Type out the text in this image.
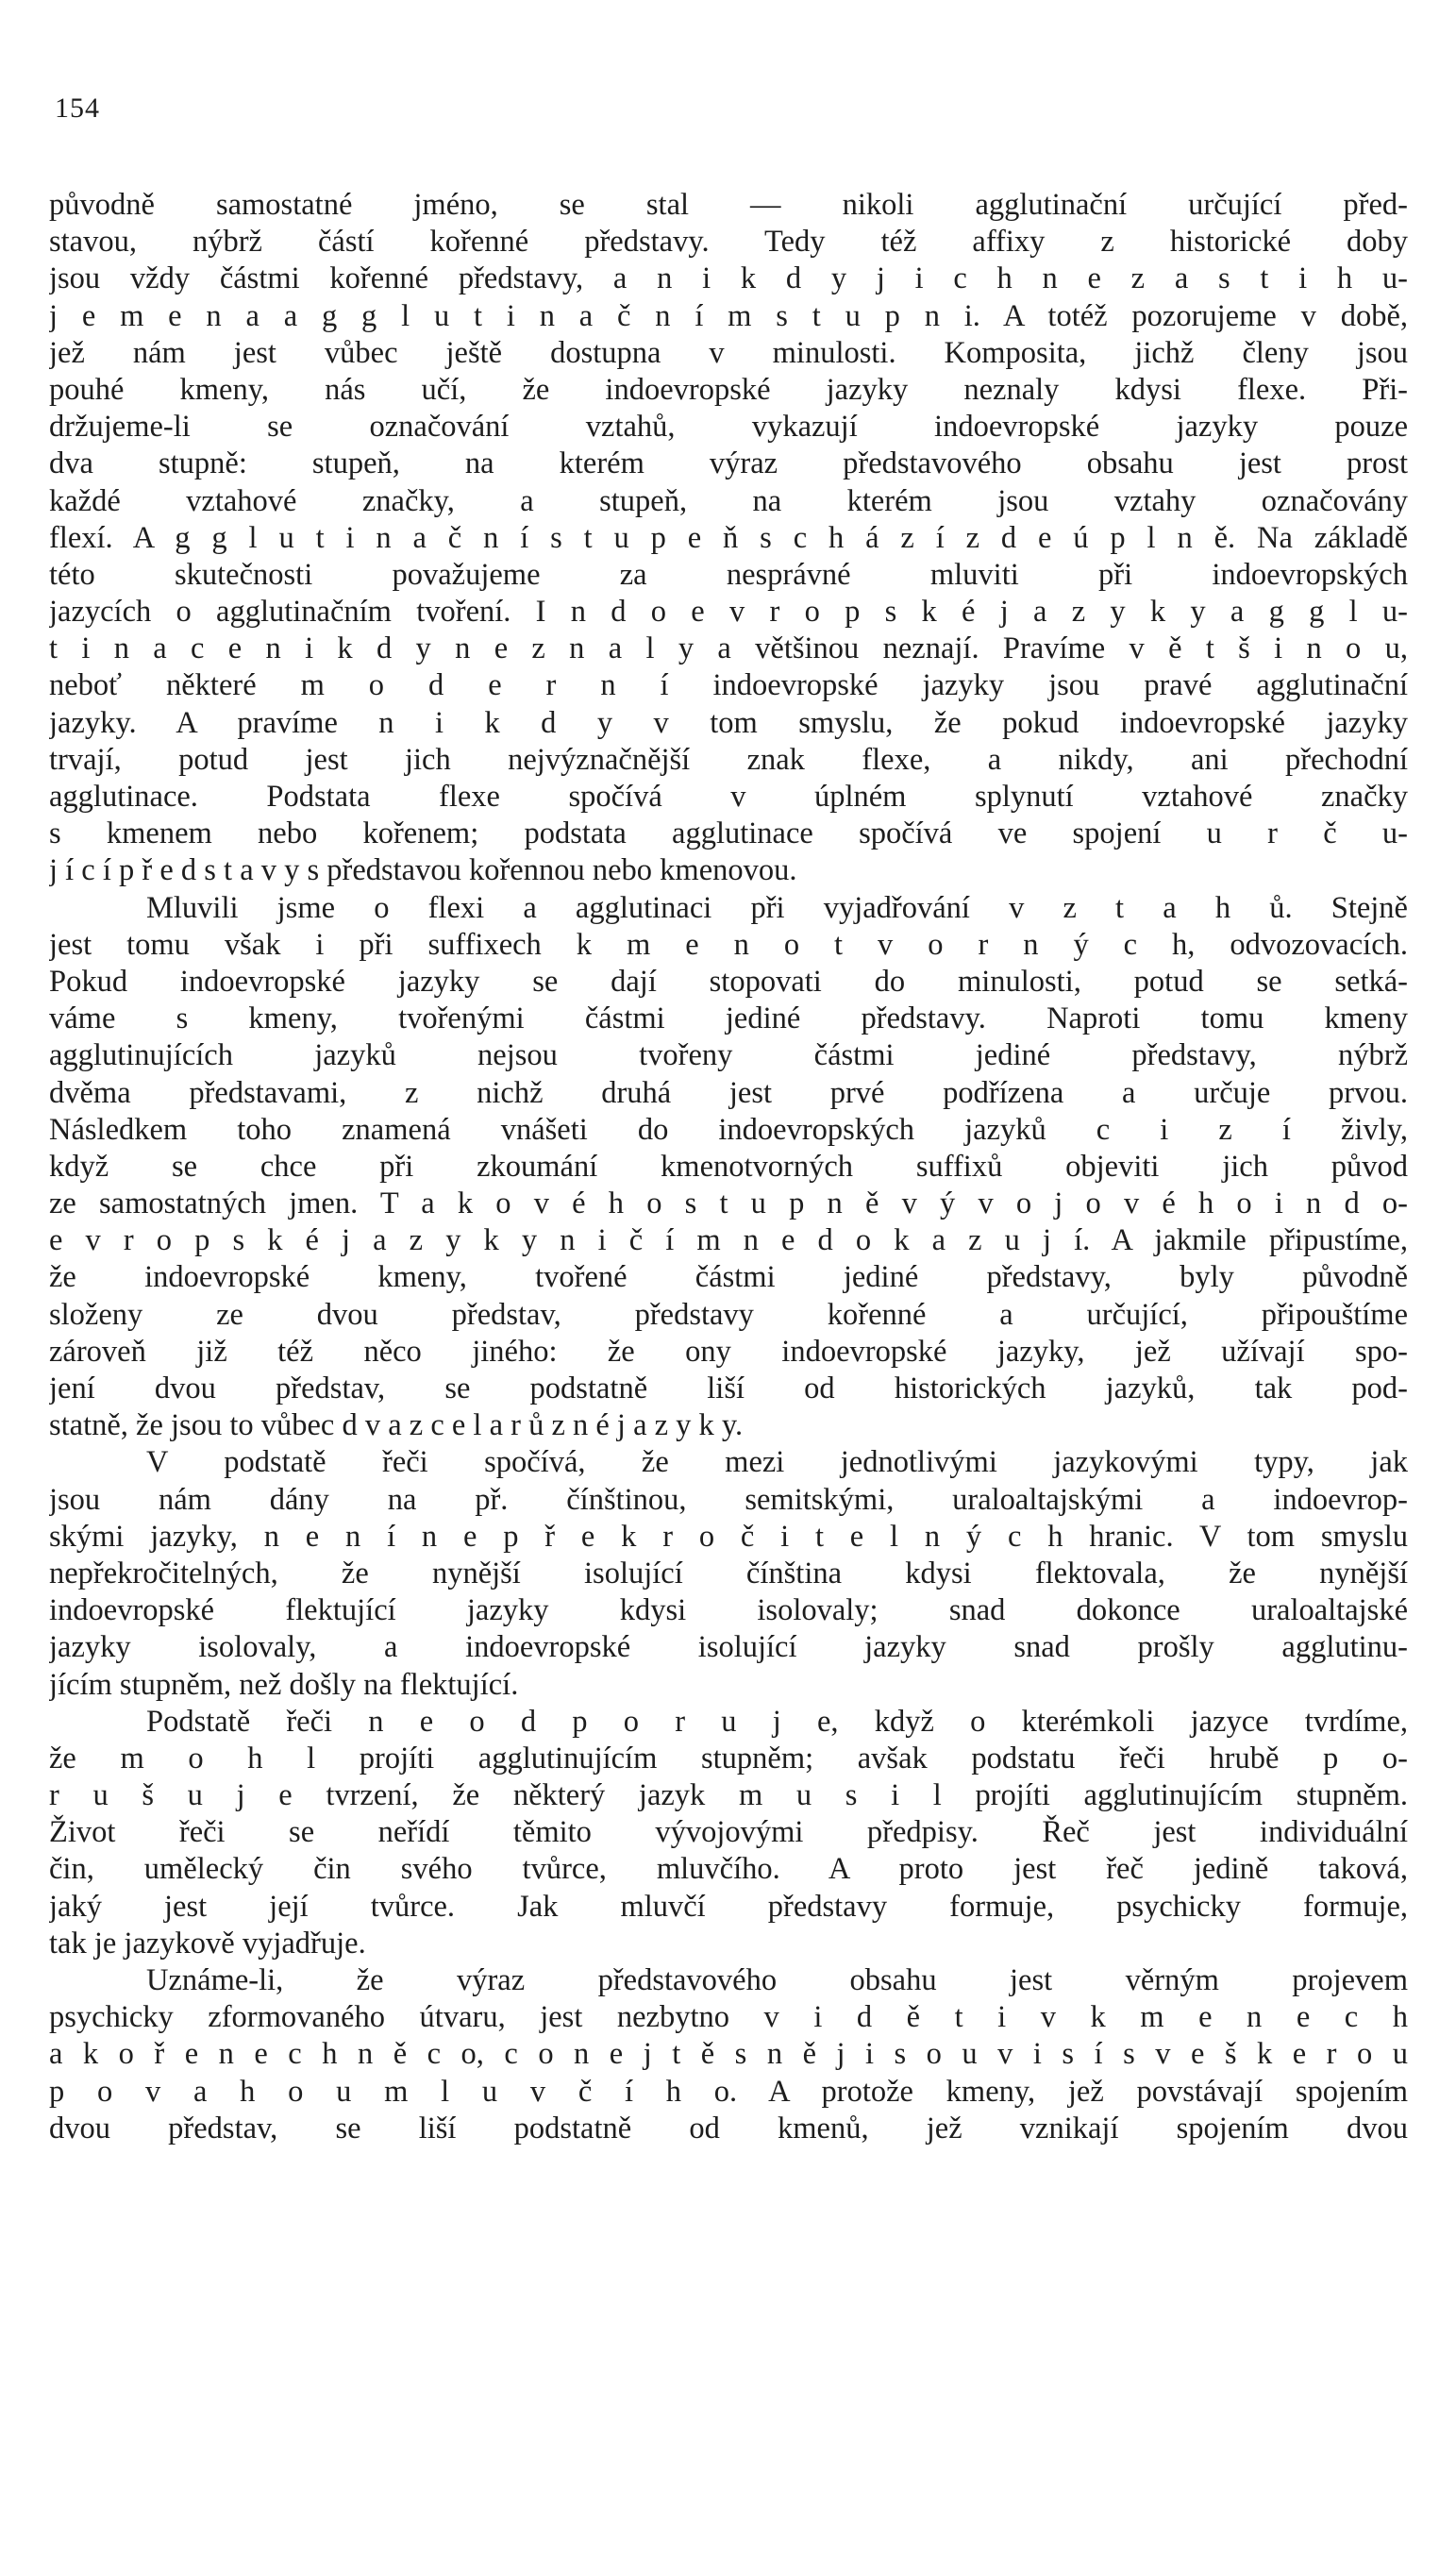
154
původně samostatné jméno, se stal — nikoli agglutinační určující před-
stavou, nýbrž částí kořenné představy. Tedy též affixy z historické doby
jsou vždy částmi kořenné představy, a n i k d y j i c h n e z a s t i h u-
j e m e n a a g g l u t i n a č n í m s t u p n i. A totéž pozorujeme v době,
jež nám jest vůbec ještě dostupna v minulosti. Komposita, jichž členy jsou
pouhé kmeny, nás učí, že indoevropské jazyky neznaly kdysi flexe. Při-
držujeme-li se označování vztahů, vykazují indoevropské jazyky pouze
dva stupně: stupeň, na kterém výraz představového obsahu jest prost
každé vztahové značky, a stupeň, na kterém jsou vztahy označovány
flexí. A g g l u t i n a č n í s t u p e ň s c h á z í z d e ú p l n ě. Na základě
této skutečnosti považujeme za nesprávné mluviti při indoevropských
jazycích o agglutinačním tvoření. I n d o e v r o p s k é j a z y k y a g g l u-
t i n a c e n i k d y n e z n a l y a většinou neznají. Pravíme v ě t š i n o u,
neboť některé m o d e r n í indoevropské jazyky jsou pravé agglutinační
jazyky. A pravíme n i k d y v tom smyslu, že pokud indoevropské jazyky
trvají, potud jest jich nejvýznačnější znak flexe, a nikdy, ani přechodní
agglutinace. Podstata flexe spočívá v úplném splynutí vztahové značky
s kmenem nebo kořenem; podstata agglutinace spočívá ve spojení u r č u-
j í c í p ř e d s t a v y s představou kořennou nebo kmenovou.
Mluvili jsme o flexi a agglutinaci při vyjadřování v z t a h ů. Stejně
jest tomu však i při suffixech k m e n o t v o r n ý c h, odvozovacích.
Pokud indoevropské jazyky se dají stopovati do minulosti, potud se setká-
váme s kmeny, tvořenými částmi jediné představy. Naproti tomu kmeny
agglutinujících jazyků nejsou tvořeny částmi jediné představy, nýbrž
dvěma představami, z nichž druhá jest prvé podřízena a určuje prvou.
Následkem toho znamená vnášeti do indoevropských jazyků c i z í živly,
když se chce při zkoumání kmenotvorných suffixů objeviti jich původ
ze samostatných jmen. T a k o v é h o s t u p n ě v ý v o j o v é h o i n d o-
e v r o p s k é j a z y k y n i č í m n e d o k a z u j í. A jakmile připustíme,
že indoevropské kmeny, tvořené částmi jediné představy, byly původně
složeny ze dvou představ, představy kořenné a určující, připouštíme
zároveň již též něco jiného: že ony indoevropské jazyky, jež užívají spo-
jení dvou představ, se podstatně liší od historických jazyků, tak pod-
statně, že jsou to vůbec d v a z c e l a r ů z n é j a z y k y.
V podstatě řeči spočívá, že mezi jednotlivými jazykovými typy, jak
jsou nám dány na př. čínštinou, semitskými, uraloaltajskými a indoevrop-
skými jazyky, n e n í n e p ř e k r o č i t e l n ý c h hranic. V tom smyslu
nepřekročitelných, že nynější isolující čínština kdysi flektovala, že nynější
indoevropské flektující jazyky kdysi isolovaly; snad dokonce uraloaltajské
jazyky isolovaly, a indoevropské isolující jazyky snad prošly agglutinu-
jícím stupněm, než došly na flektující.
Podstatě řeči n e o d p o r u j e, když o kterémkoli jazyce tvrdíme,
že m o h l projíti agglutinujícím stupněm; avšak podstatu řeči hrubě p o-
r u š u j e tvrzení, že některý jazyk m u s i l projíti agglutinujícím stupněm.
Život řeči se neřídí těmito vývojovými předpisy. Řeč jest individuální
čin, umělecký čin svého tvůrce, mluvčího. A proto jest řeč jedině taková,
jaký jest její tvůrce. Jak mluvčí představy formuje, psychicky formuje,
tak je jazykově vyjadřuje.
Uznáme-li, že výraz představového obsahu jest věrným projevem
psychicky zformovaného útvaru, jest nezbytno v i d ě t i v k m e n e c h
a k o ř e n e c h n ě c o, c o n e j t ě s n ě j i s o u v i s í s v e š k e r o u
p o v a h o u m l u v č í h o. A protože kmeny, jež povstávají spojením
dvou představ, se liší podstatně od kmenů, jež vznikají spojením dvou
